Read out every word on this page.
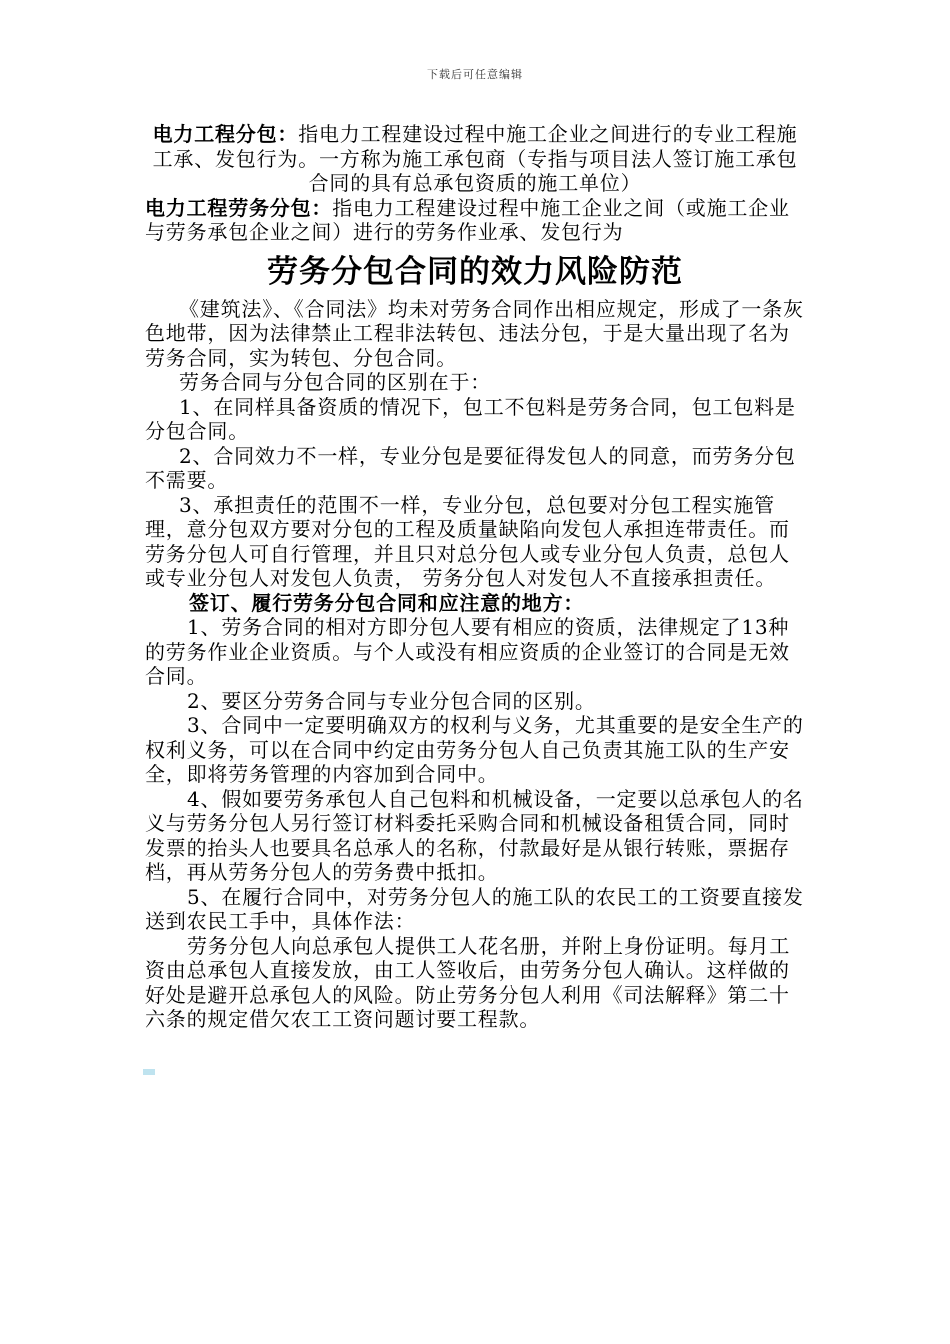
下载后可任意编辑

电力工程分包：指电力工程建设过程中施工企业之间进行的专业工程施工承、发包行为。一方称为施工承包商（专指与项目法人签订施工承包合同的具有总承包资质的施工单位）

电力工程劳务分包：指电力工程建设过程中施工企业之间（或施工企业与劳务承包企业之间）进行的劳务作业承、发包行为

劳务分包合同的效力风险防范

《建筑法》、《合同法》均未对劳务合同作出相应规定，形成了一条灰色地带，因为法律禁止工程非法转包、违法分包，于是大量出现了名为劳务合同，实为转包、分包合同。

劳务合同与分包合同的区别在于：

1、在同样具备资质的情况下，包工不包料是劳务合同，包工包料是分包合同。

2、合同效力不一样，专业分包是要征得发包人的同意，而劳务分包不需要。

3、承担责任的范围不一样，专业分包，总包要对分包工程实施管理，意分包双方要对分包的工程及质量缺陷向发包人承担连带责任。而劳务分包人可自行管理，并且只对总分包人或专业分包人负责，总包人或专业分包人对发包人负责， 劳务分包人对发包人不直接承担责任。

签订、履行劳务分包合同和应注意的地方：

1、劳务合同的相对方即分包人要有相应的资质，法律规定了13种的劳务作业企业资质。与个人或没有相应资质的企业签订的合同是无效合同。

2、要区分劳务合同与专业分包合同的区别。

3、合同中一定要明确双方的权利与义务，尤其重要的是安全生产的权利义务，可以在合同中约定由劳务分包人自己负责其施工队的生产安全，即将劳务管理的内容加到合同中。

4、假如要劳务承包人自己包料和机械设备，一定要以总承包人的名义与劳务分包人另行签订材料委托采购合同和机械设备租赁合同，同时发票的抬头人也要具名总承人的名称，付款最好是从银行转账，票据存档，再从劳务分包人的劳务费中抵扣。

5、在履行合同中，对劳务分包人的施工队的农民工的工资要直接发送到农民工手中，具体作法：

劳务分包人向总承包人提供工人花名册，并附上身份证明。每月工资由总承包人直接发放，由工人签收后，由劳务分包人确认。这样做的好处是避开总承包人的风险。防止劳务分包人利用《司法解释》第二十六条的规定借欠农工工资问题讨要工程款。
